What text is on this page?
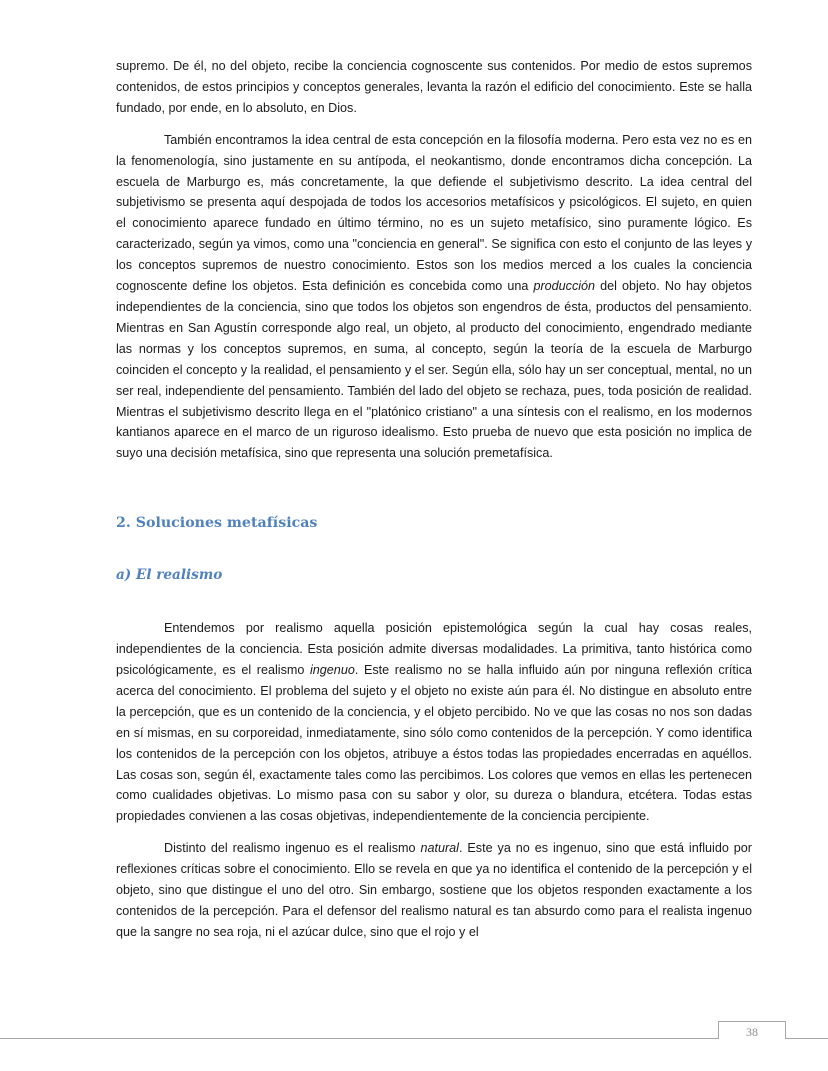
supremo. De él, no del objeto, recibe la conciencia cognoscente sus contenidos. Por medio de estos supremos contenidos, de estos principios y conceptos generales, levanta la razón el edificio del conocimiento. Este se halla fundado, por ende, en lo absoluto, en Dios.

También encontramos la idea central de esta concepción en la filosofía moderna. Pero esta vez no es en la fenomenología, sino justamente en su antípoda, el neokantismo, donde encontramos dicha concepción. La escuela de Marburgo es, más concretamente, la que defiende el subjetivismo descrito. La idea central del subjetivismo se presenta aquí despojada de todos los accesorios metafísicos y psicológicos. El sujeto, en quien el conocimiento aparece fundado en último término, no es un sujeto metafísico, sino puramente lógico. Es caracterizado, según ya vimos, como una "conciencia en general". Se significa con esto el conjunto de las leyes y los conceptos supremos de nuestro conocimiento. Estos son los medios merced a los cuales la conciencia cognoscente define los objetos. Esta definición es concebida como una producción del objeto. No hay objetos independientes de la conciencia, sino que todos los objetos son engendros de ésta, productos del pensamiento. Mientras en San Agustín corresponde algo real, un objeto, al producto del conocimiento, engendrado mediante las normas y los conceptos supremos, en suma, al concepto, según la teoría de la escuela de Marburgo coinciden el concepto y la realidad, el pensamiento y el ser. Según ella, sólo hay un ser conceptual, mental, no un ser real, independiente del pensamiento. También del lado del objeto se rechaza, pues, toda posición de realidad. Mientras el subjetivismo descrito llega en el "platónico cristiano" a una síntesis con el realismo, en los modernos kantianos aparece en el marco de un riguroso idealismo. Esto prueba de nuevo que esta posición no implica de suyo una decisión metafísica, sino que representa una solución premetafísica.

2. Soluciones metafísicas
a) El realismo

Entendemos por realismo aquella posición epistemológica según la cual hay cosas reales, independientes de la conciencia. Esta posición admite diversas modalidades. La primitiva, tanto histórica como psicológicamente, es el realismo ingenuo. Este realismo no se halla influido aún por ninguna reflexión crítica acerca del conocimiento. El problema del sujeto y el objeto no existe aún para él. No distingue en absoluto entre la percepción, que es un contenido de la conciencia, y el objeto percibido. No ve que las cosas no nos son dadas en sí mismas, en su corporeidad, inmediatamente, sino sólo como contenidos de la percepción. Y como identifica los contenidos de la percepción con los objetos, atribuye a éstos todas las propiedades encerradas en aquéllos. Las cosas son, según él, exactamente tales como las percibimos. Los colores que vemos en ellas les pertenecen como cualidades objetivas. Lo mismo pasa con su sabor y olor, su dureza o blandura, etcétera. Todas estas propiedades convienen a las cosas objetivas, independientemente de la conciencia percipiente.

Distinto del realismo ingenuo es el realismo natural. Este ya no es ingenuo, sino que está influido por reflexiones críticas sobre el conocimiento. Ello se revela en que ya no identifica el contenido de la percepción y el objeto, sino que distingue el uno del otro. Sin embargo, sostiene que los objetos responden exactamente a los contenidos de la percepción. Para el defensor del realismo natural es tan absurdo como para el realista ingenuo que la sangre no sea roja, ni el azúcar dulce, sino que el rojo y el

38
